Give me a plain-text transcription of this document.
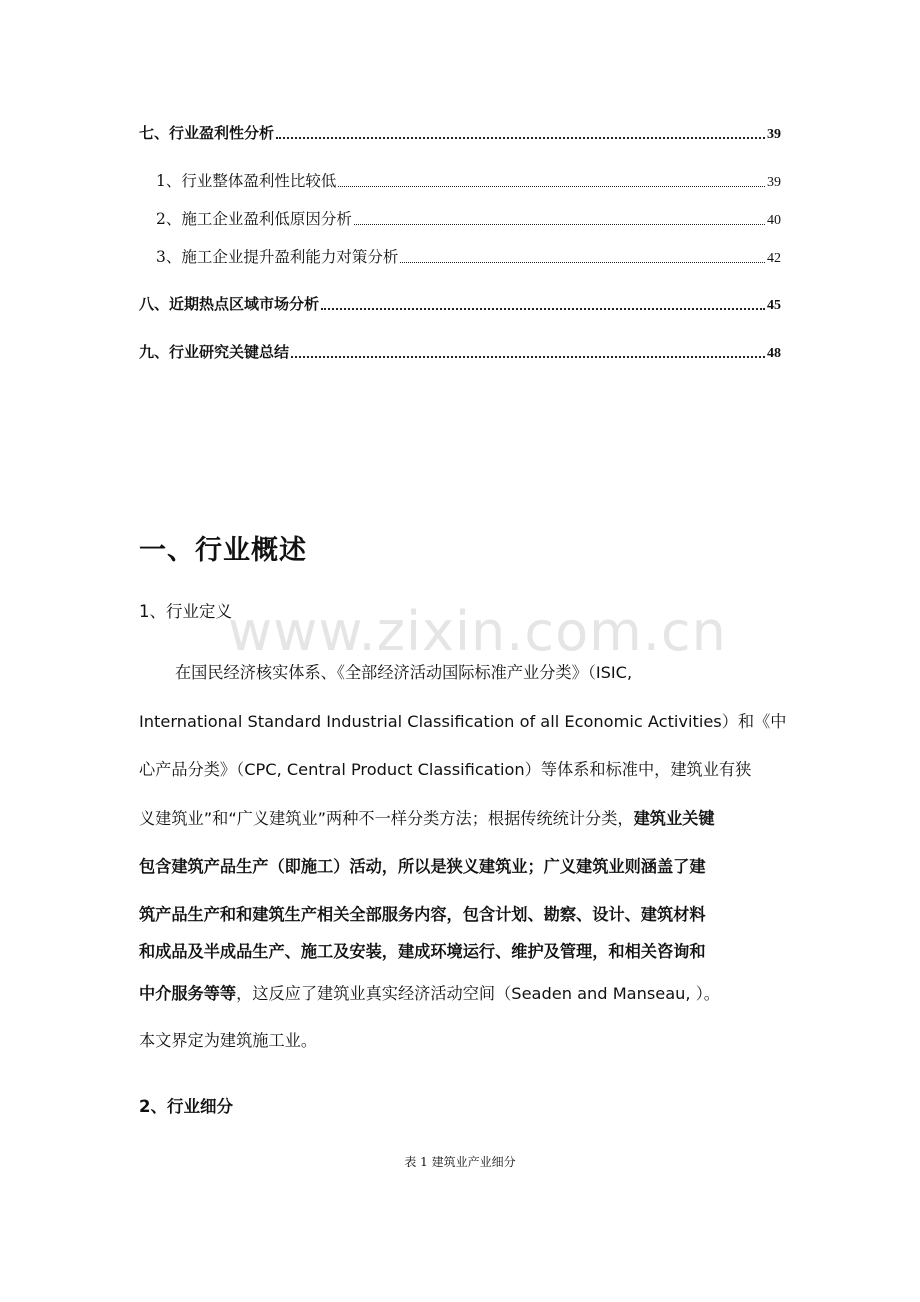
七、行业盈利性分析	39
1、行业整体盈利性比较低	39
2、施工企业盈利低原因分析	40
3、施工企业提升盈利能力对策分析	42
八、近期热点区域市场分析	45
九、行业研究关键总结	48
一、行业概述
1、行业定义
www.zixin.com.cn
在国民经济核实体系、《全部经济活动国际标准产业分类》（ISIC,
International Standard Industrial Classification of all Economic Activities）和《中
心产品分类》（CPC, Central Product Classification）等体系和标准中，建筑业有狭
义建筑业”和“广义建筑业”两种不一样分类方法；根据传统统计分类， 建筑业关键
包含建筑产品生产（即施工）活动，所以是狭义建筑业；广义建筑业则涵盖了建
筑产品生产和和建筑生产相关全部服务内容，包含计划、勘察、设计、建筑材料
和成品及半成品生产、施工及安装，建成环境运行、维护及管理，和相关咨询和
中介服务等等 ，这反应了建筑业真实经济活动空间（Seaden and Manseau, ）。
本文界定为建筑施工业。
2、行业细分
表 1 建筑业产业细分
